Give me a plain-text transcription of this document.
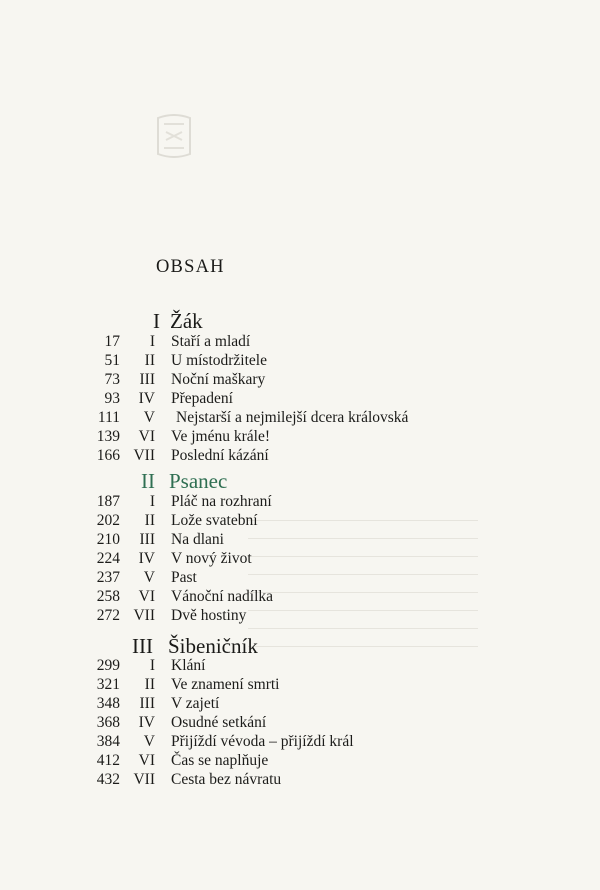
OBSAH
I Žák
17 I Staří a mladí
51 II U místodržitele
73 III Noční maškary
93 IV Přepadení
111 V Nejstarší a nejmilejší dcera královská
139 VI Ve jménu krále!
166 VII Poslední kázání
II Psanec
187 I Pláč na rozhraní
202 II Lože svatební
210 III Na dlani
224 IV V nový život
237 V Past
258 VI Vánoční nadílka
272 VII Dvě hostiny
III Šibeničník
299 I Klání
321 II Ve znamení smrti
348 III V zajetí
368 IV Osudné setkání
384 V Přijíždí vévoda – přijíždí král
412 VI Čas se naplňuje
432 VII Cesta bez návratu
